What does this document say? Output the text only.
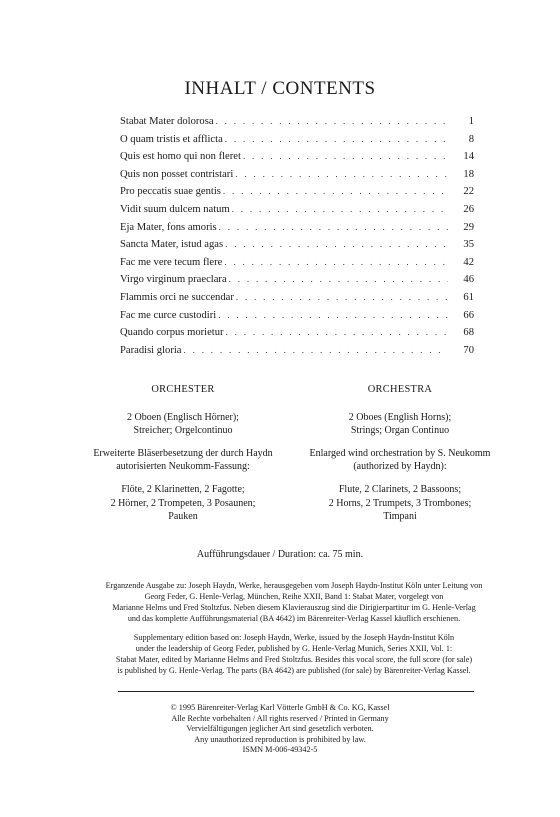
INHALT / CONTENTS
Stabat Mater dolorosa . . .	1
O quam tristis et afflicta . . .	8
Quis est homo qui non fleret . . .	14
Quis non posset contristari . . .	18
Pro peccatis suae gentis . . .	22
Vidit suum dulcem natum . . .	26
Eja Mater, fons amoris . . .	29
Sancta Mater, istud agas . . .	35
Fac me vere tecum flere . . .	42
Virgo virginum praeclara . . .	46
Flammis orci ne succendar . . .	61
Fac me curce custodiri . . .	66
Quando corpus morietur . . .	68
Paradisi gloria . . .	70
ORCHESTER

2 Oboen (Englisch Hörner);
Streicher; Orgelcontinuo

Erweiterte Bläserbesetzung der durch Haydn
autorisierten Neukomm-Fassung:

Flöte, 2 Klarinetten, 2 Fagotte;
2 Hörner, 2 Trompeten, 3 Posaunen;
Pauken

ORCHESTRA

2 Oboes (English Horns);
Strings; Organ Continuo

Enlarged wind orchestration by S. Neukomm
(authorized by Haydn):

Flute, 2 Clarinets, 2 Bassoons;
2 Horns, 2 Trumpets, 3 Trombones;
Timpani

Aufführungsdauer / Duration: ca. 75 min.
Erganzende Ausgabe zu: Joseph Haydn, Werke, herausgegeben vom Joseph Haydn-Institut Köln unter Leitung von
Georg Feder, G. Henle-Verlag, München, Reihe XXII, Band 1: Stabat Mater, vorgelegt von
Marianne Helms und Fred Stoltzfus. Neben diesem Klavierauszug sind die Dirigierpartitur im G. Henle-Verlag
und das komplette Aufführungsmaterial (BA 4642) im Bärenreiter-Verlag Kassel käuflich erschienen.
Supplementary edition based on: Joseph Haydn, Werke, issued by the Joseph Haydn-Institut Köln
under the leadership of Georg Feder, published by G. Henle-Verlag Munich, Series XXII, Vol. 1:
Stabat Mater, edited by Marianne Helms and Fred Stoltzfus. Besides this vocal score, the full score (for sale)
is published by G. Henle-Verlag. The parts (BA 4642) are published (for sale) by Bärenreiter-Verlag Kassel.
© 1995 Bärenreiter-Verlag Karl Vötterle GmbH & Co. KG, Kassel
Alle Rechte vorbehalten / All rights reserved / Printed in Germany
Vervielfältigungen jeglicher Art sind gesetzlich verboten.
Any unauthorized reproduction is prohibited by law.
ISMN M-006-49342-5
